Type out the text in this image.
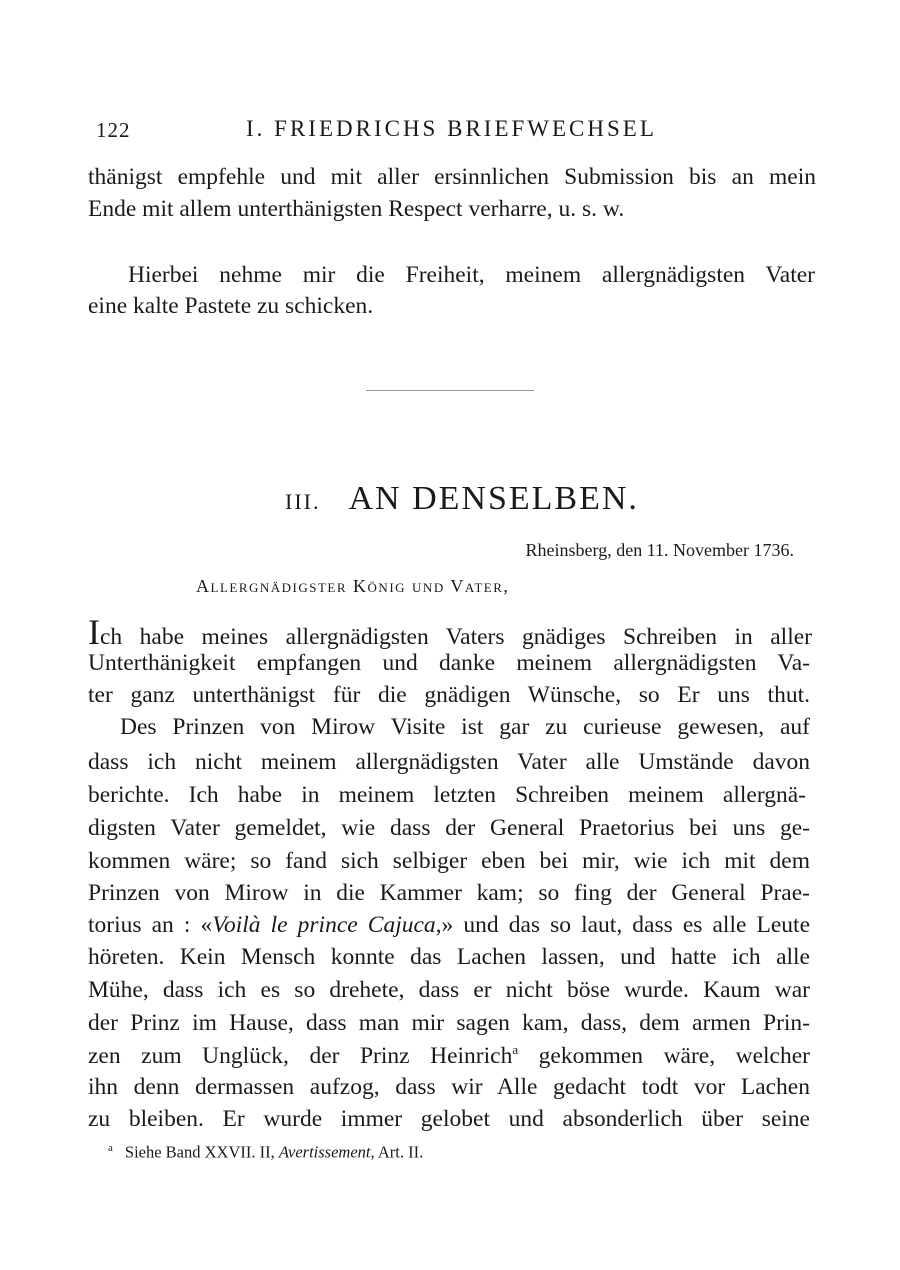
122	I. FRIEDRICHS BRIEFWECHSEL
thänigst empfehle und mit aller ersinnlichen Submission bis an mein
Ende mit allem unterthänigsten Respect verharre, u. s. w.
Hierbei nehme mir die Freiheit, meinem allergnädigsten Vater
eine kalte Pastete zu schicken.
III. AN DENSELBEN.
Rheinsberg, den 11. November 1736.
Allergnädigster König und Vater,
Ich habe meines allergnädigsten Vaters gnädiges Schreiben in aller
Unterthänigkeit empfangen und danke meinem allergnädigsten Va-
ter ganz unterthänigst für die gnädigen Wünsche, so Er uns thut.
Des Prinzen von Mirow Visite ist gar zu curieuse gewesen, auf
dass ich nicht meinem allergnädigsten Vater alle Umstände davon
berichte. Ich habe in meinem letzten Schreiben meinem allergnä-
digsten Vater gemeldet, wie dass der General Praetorius bei uns ge-
kommen wäre; so fand sich selbiger eben bei mir, wie ich mit dem
Prinzen von Mirow in die Kammer kam; so fing der General Prae-
torius an : «Voilà le prince Cajuca,» und das so laut, dass es alle Leute
höreten. Kein Mensch konnte das Lachen lassen, und hatte ich alle
Mühe, dass ich es so drehete, dass er nicht böse wurde. Kaum war
der Prinz im Hause, dass man mir sagen kam, dass, dem armen Prin-
zen zum Unglück, der Prinz Heinrich$^a$ gekommen wäre, welcher
ihn denn dermassen aufzog, dass wir Alle gedacht todt vor Lachen
zu bleiben. Er wurde immer gelobet und absonderlich über seine
$^a$ Siehe Band XXVII. II, Avertissement, Art. II.
